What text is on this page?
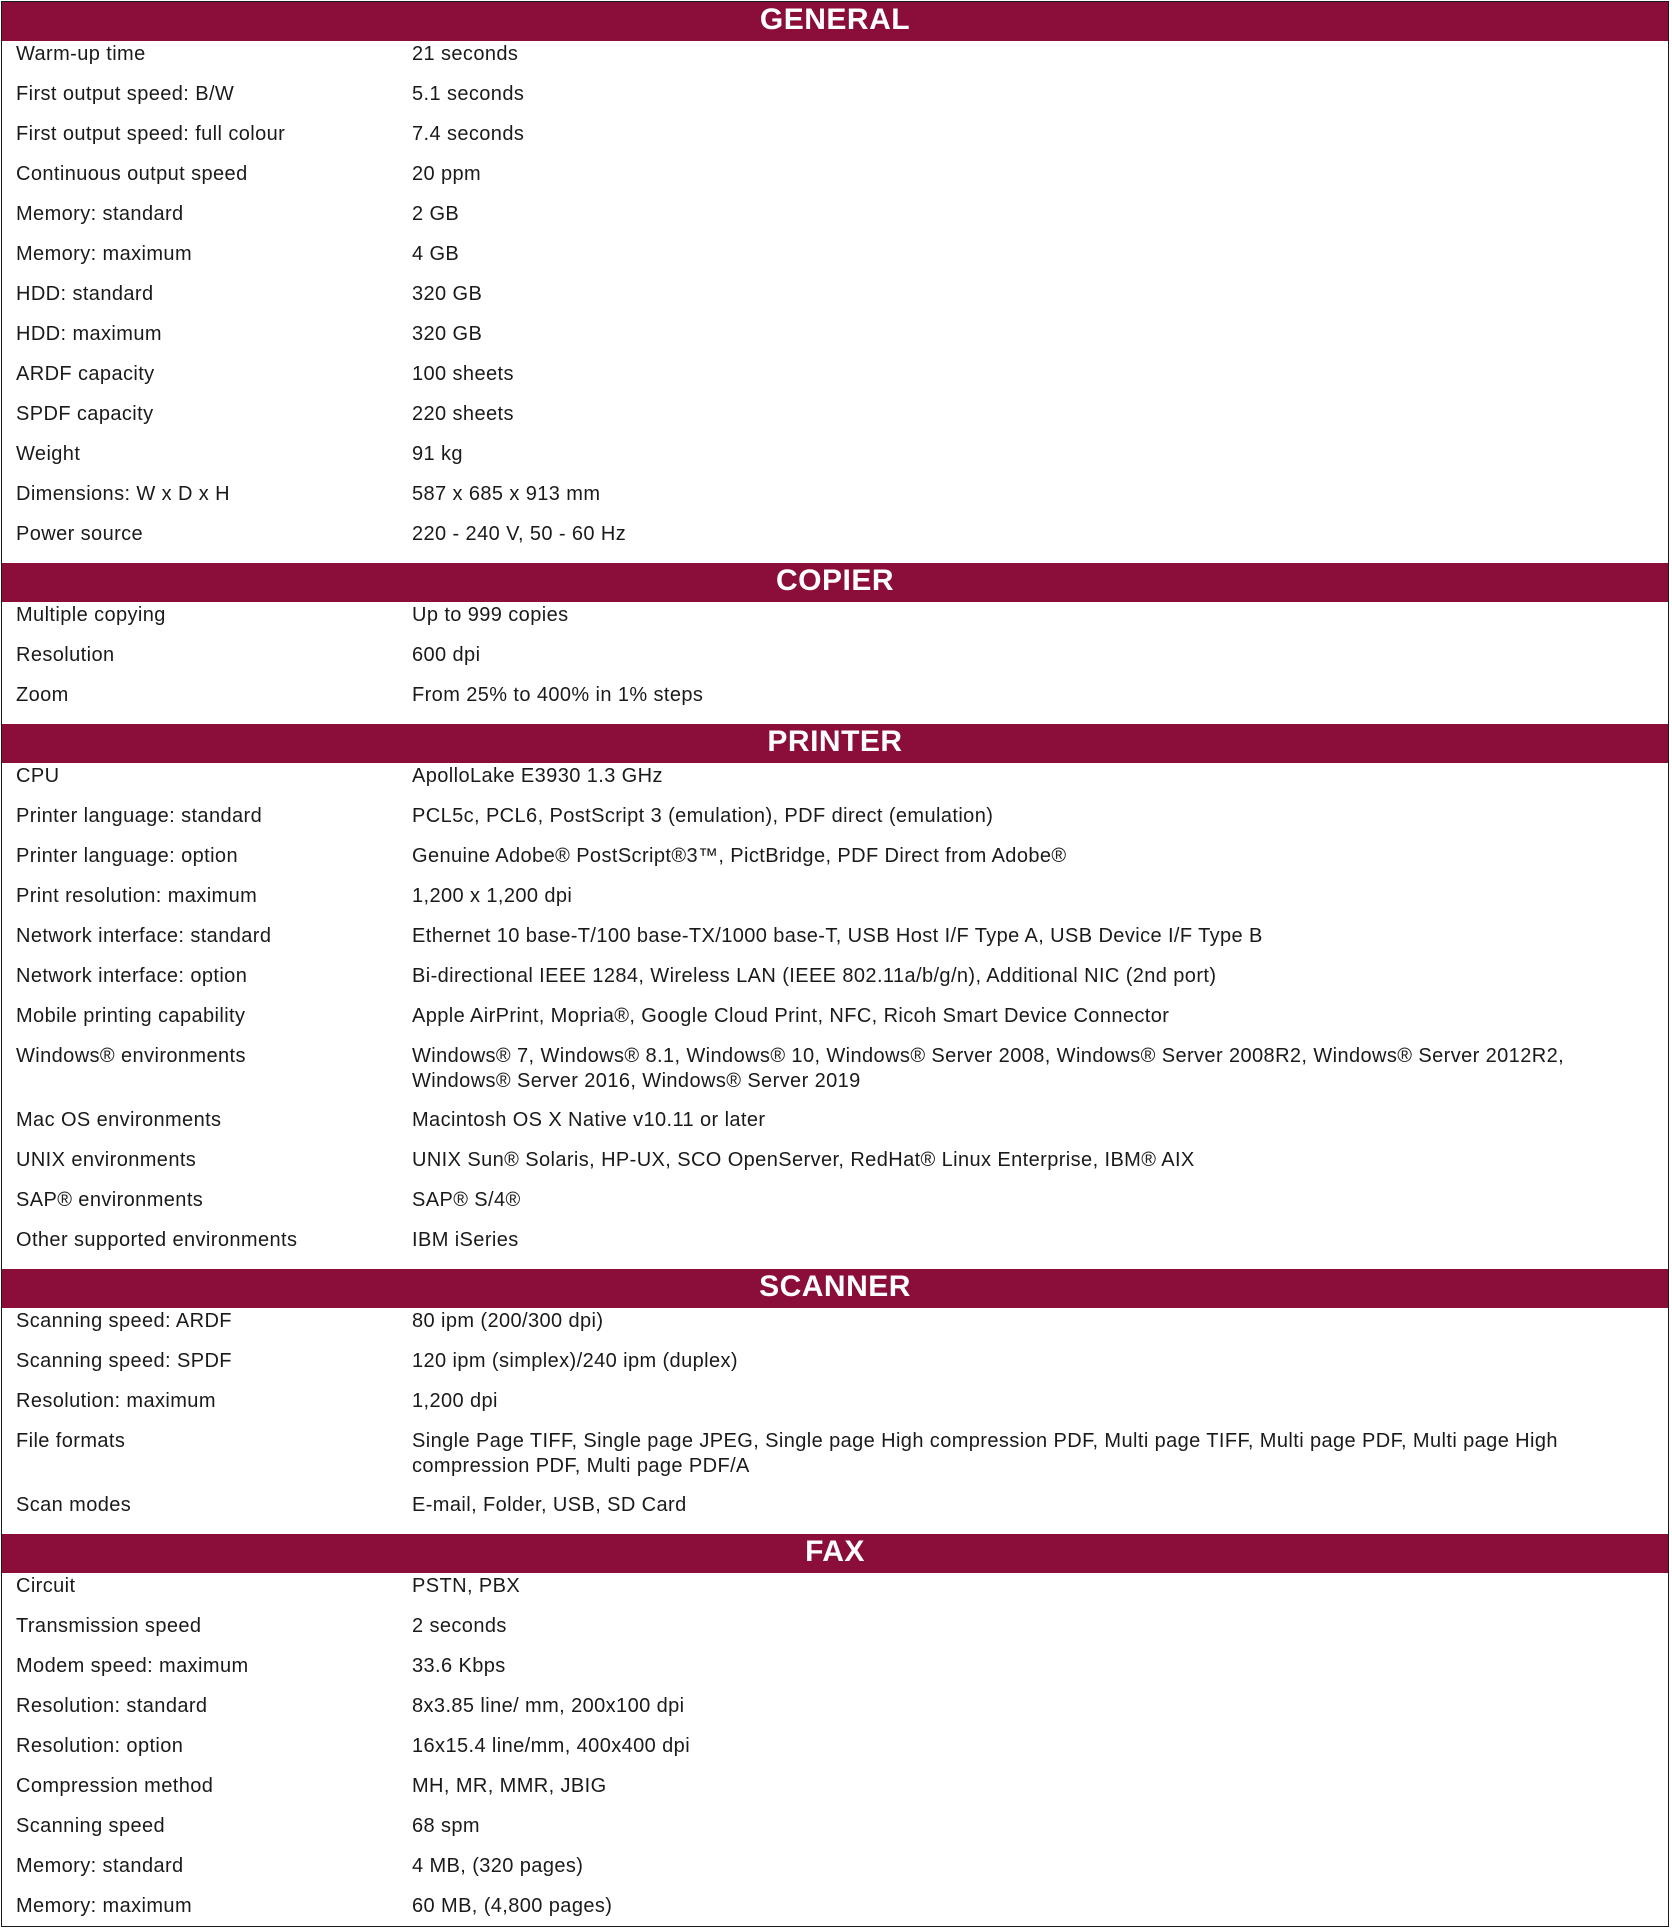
GENERAL
Warm-up time	21 seconds
First output speed: B/W	5.1 seconds
First output speed: full colour	7.4 seconds
Continuous output speed	20 ppm
Memory: standard	2 GB
Memory: maximum	4 GB
HDD: standard	320 GB
HDD: maximum	320 GB
ARDF capacity	100 sheets
SPDF capacity	220 sheets
Weight	91 kg
Dimensions: W x D x H	587 x 685 x 913 mm
Power source	220 - 240 V, 50 - 60 Hz
COPIER
Multiple copying	Up to 999 copies
Resolution	600 dpi
Zoom	From 25% to 400% in 1% steps
PRINTER
CPU	ApolloLake E3930 1.3 GHz
Printer language: standard	PCL5c, PCL6, PostScript 3 (emulation), PDF direct (emulation)
Printer language: option	Genuine Adobe® PostScript®3™, PictBridge, PDF Direct from Adobe®
Print resolution: maximum	1,200 x 1,200 dpi
Network interface: standard	Ethernet 10 base-T/100 base-TX/1000 base-T, USB Host I/F Type A, USB Device I/F Type B
Network interface: option	Bi-directional IEEE 1284, Wireless LAN (IEEE 802.11a/b/g/n), Additional NIC (2nd port)
Mobile printing capability	Apple AirPrint, Mopria®, Google Cloud Print, NFC, Ricoh Smart Device Connector
Windows® environments	Windows® 7, Windows® 8.1, Windows® 10, Windows® Server 2008, Windows® Server 2008R2, Windows® Server 2012R2, Windows® Server 2016, Windows® Server 2019
Mac OS environments	Macintosh OS X Native v10.11 or later
UNIX environments	UNIX Sun® Solaris, HP-UX, SCO OpenServer, RedHat® Linux Enterprise, IBM® AIX
SAP® environments	SAP® S/4®
Other supported environments	IBM iSeries
SCANNER
Scanning speed: ARDF	80 ipm (200/300 dpi)
Scanning speed: SPDF	120 ipm (simplex)/240 ipm (duplex)
Resolution: maximum	1,200 dpi
File formats	Single Page TIFF, Single page JPEG, Single page High compression PDF, Multi page TIFF, Multi page PDF, Multi page High compression PDF, Multi page PDF/A
Scan modes	E-mail, Folder, USB, SD Card
FAX
Circuit	PSTN, PBX
Transmission speed	2 seconds
Modem speed: maximum	33.6 Kbps
Resolution: standard	8x3.85 line/ mm, 200x100 dpi
Resolution: option	16x15.4 line/mm, 400x400 dpi
Compression method	MH, MR, MMR, JBIG
Scanning speed	68 spm
Memory: standard	4 MB, (320 pages)
Memory: maximum	60 MB, (4,800 pages)
